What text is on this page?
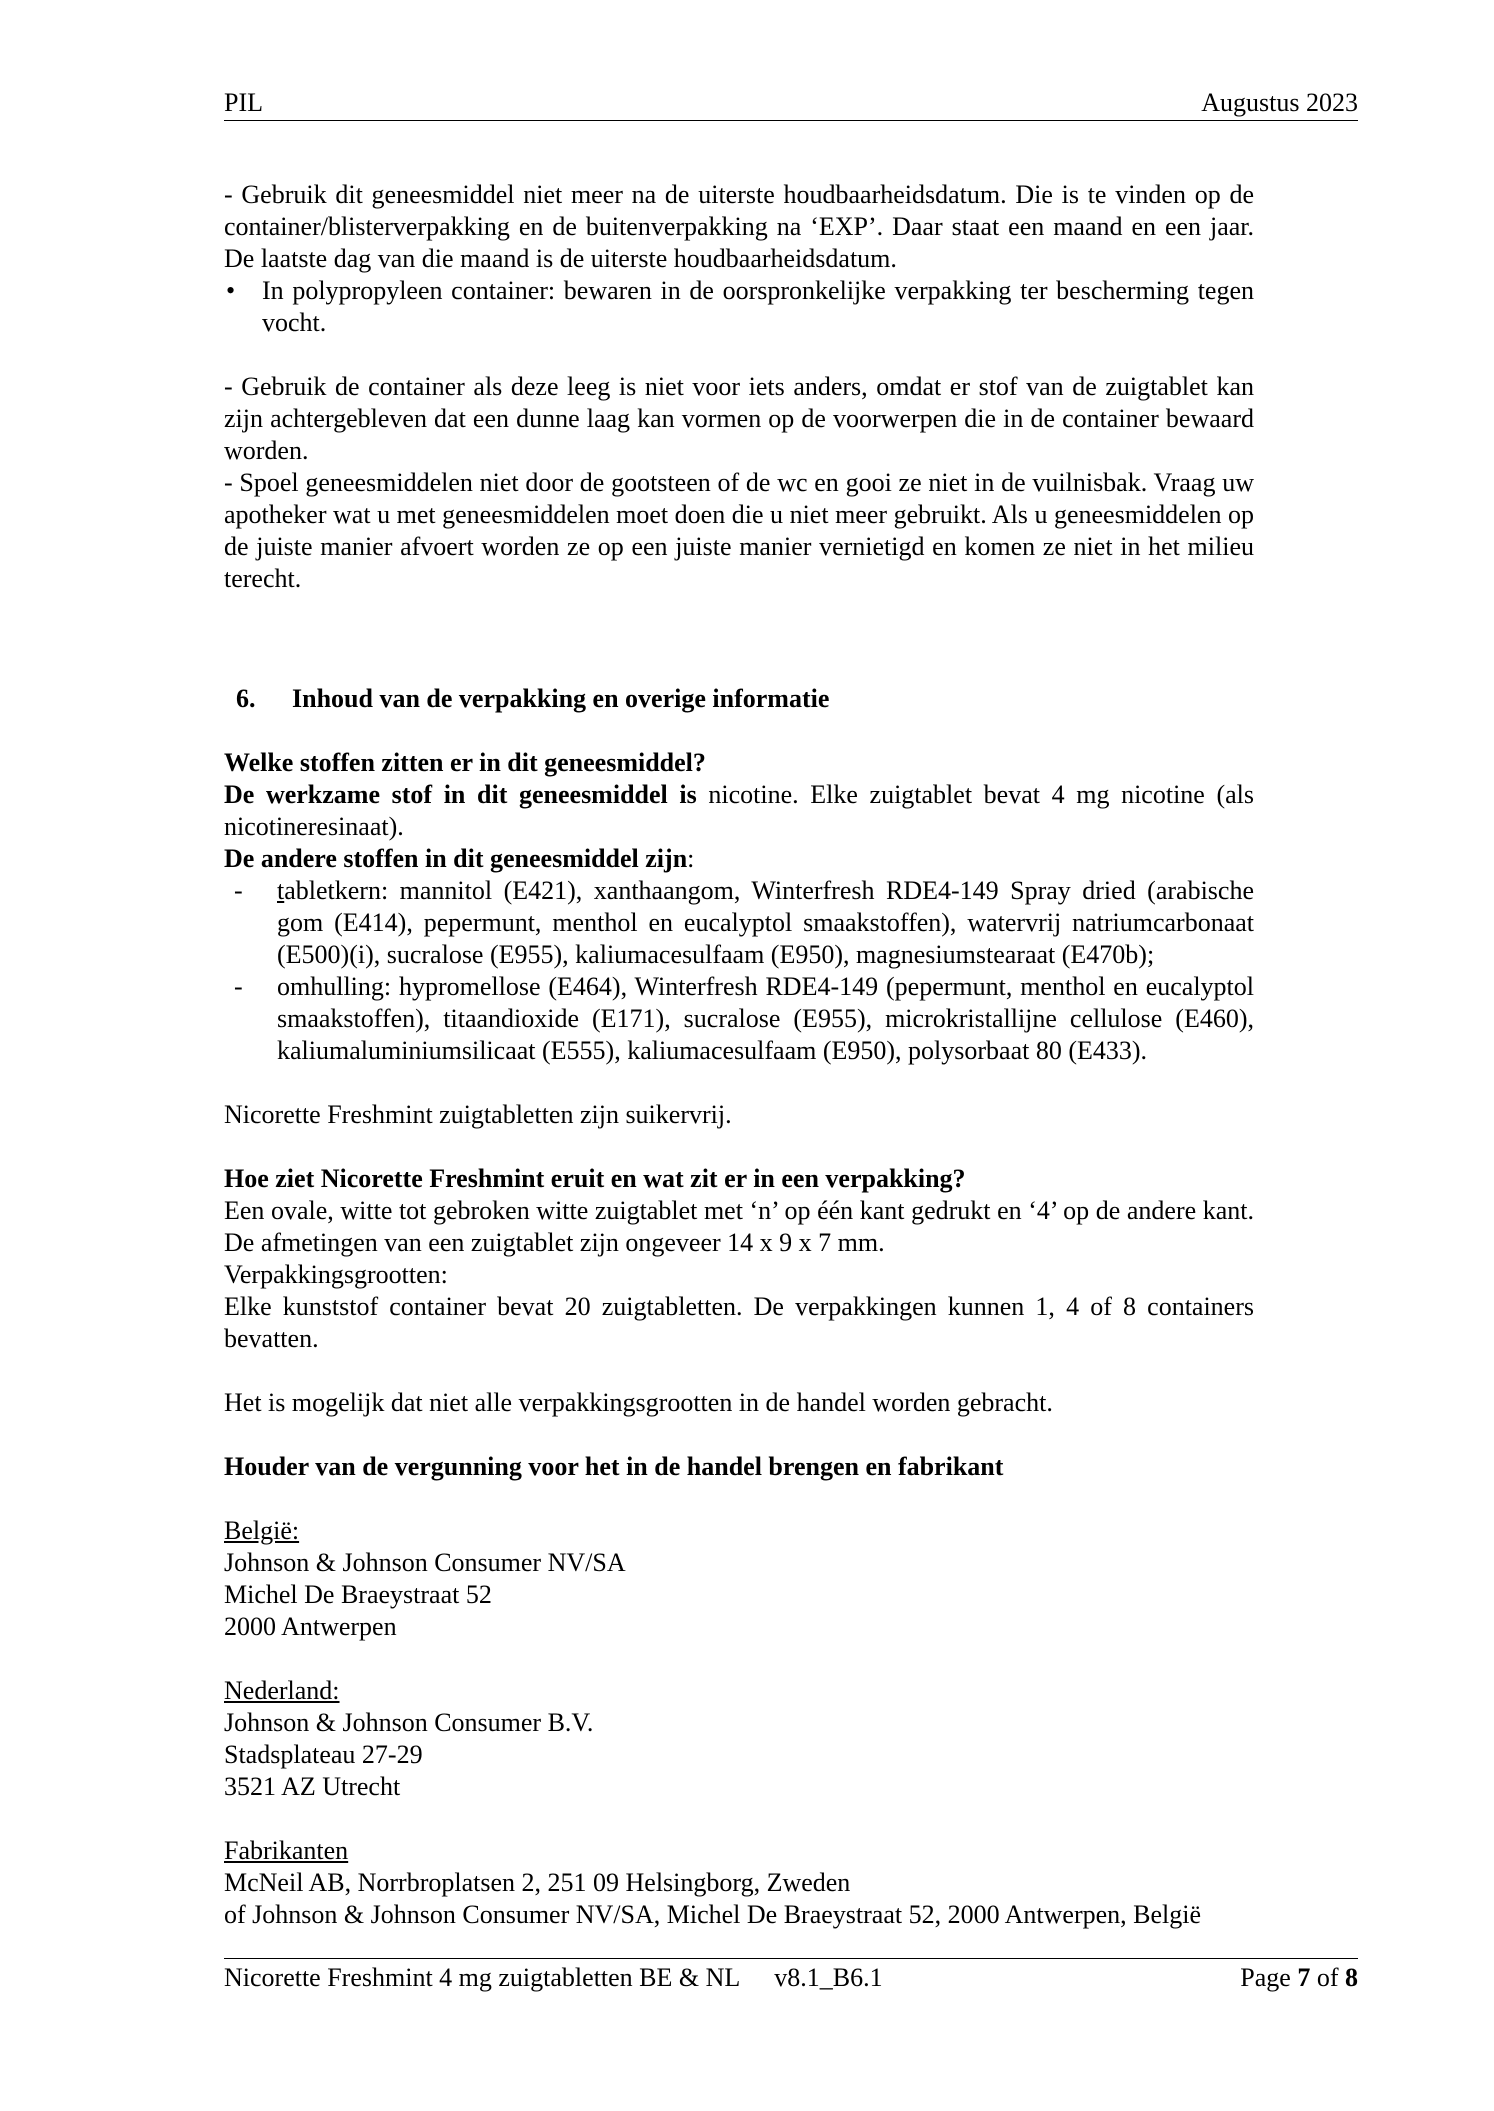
PIL	Augustus 2023

- Gebruik dit geneesmiddel niet meer na de uiterste houdbaarheidsdatum. Die is te vinden op de container/blisterverpakking en de buitenverpakking na ‘EXP’. Daar staat een maand en een jaar. De laatste dag van die maand is de uiterste houdbaarheidsdatum.

•	In polypropyleen container: bewaren in de oorspronkelijke verpakking ter bescherming tegen vocht.

- Gebruik de container als deze leeg is niet voor iets anders, omdat er stof van de zuigtablet kan zijn achtergebleven dat een dunne laag kan vormen op de voorwerpen die in de container bewaard worden.

- Spoel geneesmiddelen niet door de gootsteen of de wc en gooi ze niet in de vuilnisbak. Vraag uw apotheker wat u met geneesmiddelen moet doen die u niet meer gebruikt. Als u geneesmiddelen op de juiste manier afvoert worden ze op een juiste manier vernietigd en komen ze niet in het milieu terecht.

6.	Inhoud van de verpakking en overige informatie

Welke stoffen zitten er in dit geneesmiddel?

De werkzame stof in dit geneesmiddel is nicotine. Elke zuigtablet bevat 4 mg nicotine (als nicotineresinaat).

De andere stoffen in dit geneesmiddel zijn:

-	tabletkern: mannitol (E421), xanthaangom, Winterfresh RDE4-149 Spray dried (arabische gom (E414), pepermunt, menthol en eucalyptol smaakstoffen), watervrij natriumcarbonaat (E500)(i), sucralose (E955), kaliumacesulfaam (E950), magnesiumstearaat (E470b);
-	omhulling: hypromellose (E464), Winterfresh RDE4-149 (pepermunt, menthol en eucalyptol smaakstoffen), titaandioxide (E171), sucralose (E955), microkristallijne cellulose (E460), kaliumaluminiumsilicaat (E555), kaliumacesulfaam (E950), polysorbaat 80 (E433).

Nicorette Freshmint zuigtabletten zijn suikervrij.

Hoe ziet Nicorette Freshmint eruit en wat zit er in een verpakking?

Een ovale, witte tot gebroken witte zuigtablet met ‘n’ op één kant gedrukt en ‘4’ op de andere kant. De afmetingen van een zuigtablet zijn ongeveer 14 x 9 x 7 mm.

Verpakkingsgrootten:

Elke kunststof container bevat 20 zuigtabletten. De verpakkingen kunnen 1, 4 of 8 containers bevatten.

Het is mogelijk dat niet alle verpakkingsgrootten in de handel worden gebracht.

Houder van de vergunning voor het in de handel brengen en fabrikant

België:

Johnson & Johnson Consumer NV/SA

Michel De Braeystraat 52

2000 Antwerpen

Nederland:

Johnson & Johnson Consumer B.V.

Stadsplateau 27-29

3521 AZ Utrecht

Fabrikanten

McNeil AB, Norrbroplatsen 2, 251 09 Helsingborg, Zweden

of Johnson & Johnson Consumer NV/SA, Michel De Braeystraat 52, 2000 Antwerpen, België

Nicorette Freshmint 4 mg zuigtabletten BE & NL v8.1_B6.1	Page 7 of 8
